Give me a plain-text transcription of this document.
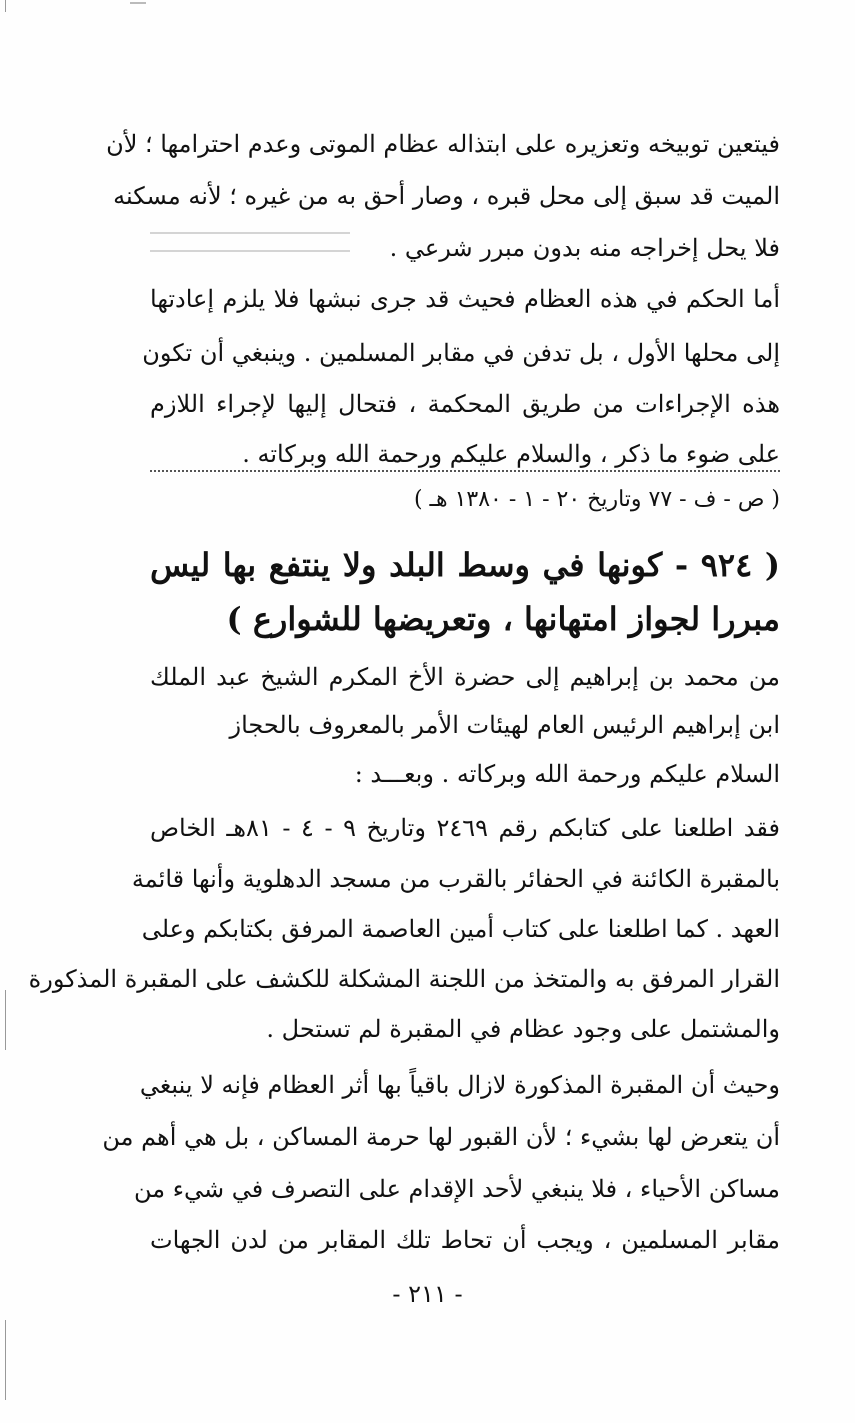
فيتعين توبيخه وتعزيره على ابتذاله عظام الموتى وعدم احترامها ؛ لأن
الميت قد سبق إلى محل قبره ، وصار أحق به من غيره ؛ لأنه مسكنه
فلا يحل إخراجه منه بدون مبرر شرعي .
أما الحكم في هذه العظام فحيث قد جرى نبشها فلا يلزم إعادتها
إلى محلها الأول ، بل تدفن في مقابر المسلمين . وينبغي أن تكون
هذه الإجراءات من طريق المحكمة ، فتحال إليها لإجراء اللازم
على ضوء ما ذكر ، والسلام عليكم ورحمة الله وبركاته .
( ص - ف - ٧٧ وتاريخ ٢٠ - ١ - ١٣٨٠ هـ )
( ٩٢٤ - كونها في وسط البلد ولا ينتفع بها ليس
مبررا لجواز امتهانها ، وتعريضها للشوارع )
من محمد بن إبراهيم إلى حضرة الأخ المكرم الشيخ عبد الملك
ابن إبراهيم الرئيس العام لهيئات الأمر بالمعروف بالحجاز
السلام عليكم ورحمة الله وبركاته . وبعـــد :
فقد اطلعنا على كتابكم رقم ٢٤٦٩ وتاريخ ٩ - ٤ - ٨١هـ الخاص
بالمقبرة الكائنة في الحفائر بالقرب من مسجد الدهلوية وأنها قائمة
العهد . كما اطلعنا على كتاب أمين العاصمة المرفق بكتابكم وعلى
القرار المرفق به والمتخذ من اللجنة المشكلة للكشف على المقبرة المذكورة
والمشتمل على وجود عظام في المقبرة لم تستحل .
وحيث أن المقبرة المذكورة لازال باقياً بها أثر العظام فإنه لا ينبغي
أن يتعرض لها بشيء ؛ لأن القبور لها حرمة المساكن ، بل هي أهم من
مساكن الأحياء ، فلا ينبغي لأحد الإقدام على التصرف في شيء من
مقابر المسلمين ، ويجب أن تحاط تلك المقابر من لدن الجهات
- ٢١١ -
